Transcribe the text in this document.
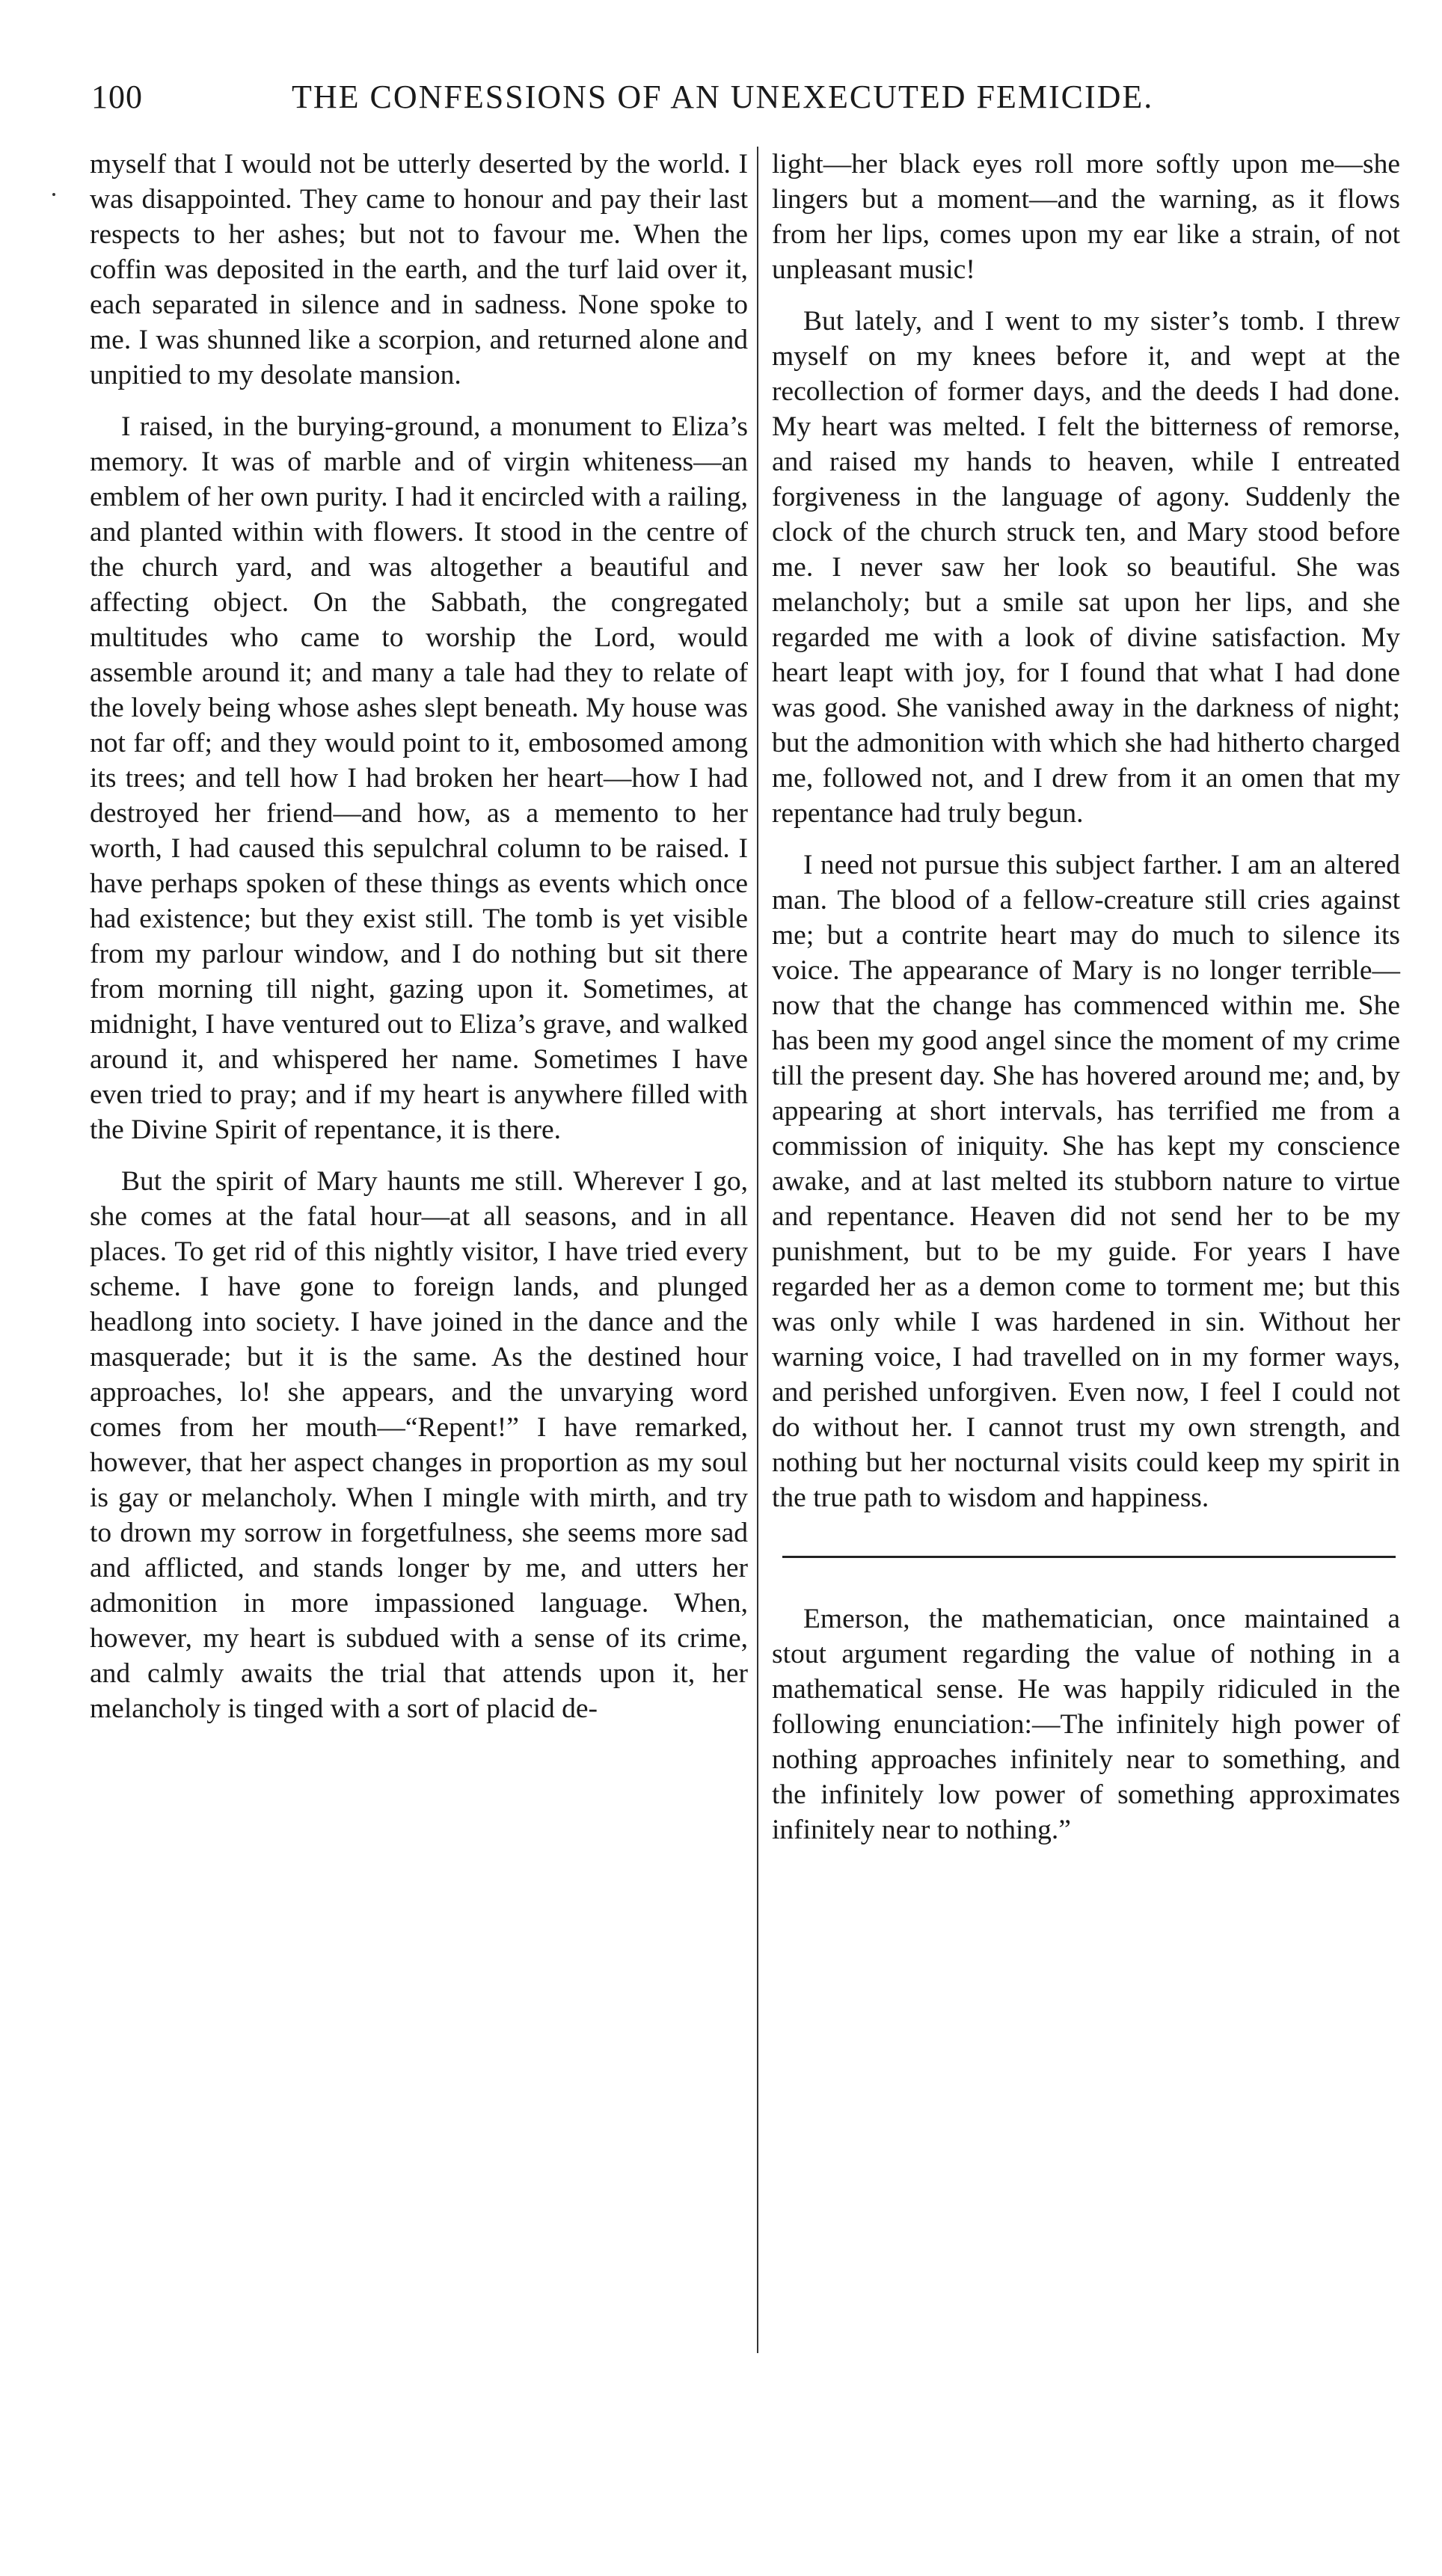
100	THE CONFESSIONS OF AN UNEXECUTED FEMICIDE.

myself that I would not be utterly deserted by the world. I was disappointed. They came to honour and pay their last respects to her ashes; but not to favour me. When the coffin was deposited in the earth, and the turf laid over it, each separated in silence and in sadness. None spoke to me. I was shunned like a scorpion, and returned alone and unpitied to my desolate mansion.

I raised, in the burying-ground, a monument to Eliza’s memory. It was of marble and of virgin whiteness—an emblem of her own purity. I had it encircled with a railing, and planted within with flowers. It stood in the centre of the church yard, and was altogether a beautiful and affecting object. On the Sabbath, the congregated multitudes who came to worship the Lord, would assemble around it; and many a tale had they to relate of the lovely being whose ashes slept beneath. My house was not far off; and they would point to it, embosomed among its trees; and tell how I had broken her heart—how I had destroyed her friend—and how, as a memento to her worth, I had caused this sepulchral column to be raised. I have perhaps spoken of these things as events which once had existence; but they exist still. The tomb is yet visible from my parlour window, and I do nothing but sit there from morning till night, gazing upon it. Sometimes, at midnight, I have ventured out to Eliza’s grave, and walked around it, and whispered her name. Sometimes I have even tried to pray; and if my heart is anywhere filled with the Divine Spirit of repentance, it is there.

But the spirit of Mary haunts me still. Wherever I go, she comes at the fatal hour—at all seasons, and in all places. To get rid of this nightly visitor, I have tried every scheme. I have gone to foreign lands, and plunged headlong into society. I have joined in the dance and the masquerade; but it is the same. As the destined hour approaches, lo! she appears, and the unvarying word comes from her mouth—“Repent!” I have remarked, however, that her aspect changes in proportion as my soul is gay or melancholy. When I mingle with mirth, and try to drown my sorrow in forgetfulness, she seems more sad and afflicted, and stands longer by me, and utters her admonition in more impassioned language. When, however, my heart is subdued with a sense of its crime, and calmly awaits the trial that attends upon it, her melancholy is tinged with a sort of placid de-

light—her black eyes roll more softly upon me—she lingers but a moment—and the warning, as it flows from her lips, comes upon my ear like a strain, of not unpleasant music!

But lately, and I went to my sister’s tomb. I threw myself on my knees before it, and wept at the recollection of former days, and the deeds I had done. My heart was melted. I felt the bitterness of remorse, and raised my hands to heaven, while I entreated forgiveness in the language of agony. Suddenly the clock of the church struck ten, and Mary stood before me. I never saw her look so beautiful. She was melancholy; but a smile sat upon her lips, and she regarded me with a look of divine satisfaction. My heart leapt with joy, for I found that what I had done was good. She vanished away in the darkness of night; but the admonition with which she had hitherto charged me, followed not, and I drew from it an omen that my repentance had truly begun.

I need not pursue this subject farther. I am an altered man. The blood of a fellow-creature still cries against me; but a contrite heart may do much to silence its voice. The appearance of Mary is no longer terrible—now that the change has commenced within me. She has been my good angel since the moment of my crime till the present day. She has hovered around me; and, by appearing at short intervals, has terrified me from a commission of iniquity. She has kept my conscience awake, and at last melted its stubborn nature to virtue and repentance. Heaven did not send her to be my punishment, but to be my guide. For years I have regarded her as a demon come to torment me; but this was only while I was hardened in sin. Without her warning voice, I had travelled on in my former ways, and perished unforgiven. Even now, I feel I could not do without her. I cannot trust my own strength, and nothing but her nocturnal visits could keep my spirit in the true path to wisdom and happiness.

Emerson, the mathematician, once maintained a stout argument regarding the value of nothing in a mathematical sense. He was happily ridiculed in the following enunciation:—The infinitely high power of nothing approaches infinitely near to something, and the infinitely low power of something approximates infinitely near to nothing.”
